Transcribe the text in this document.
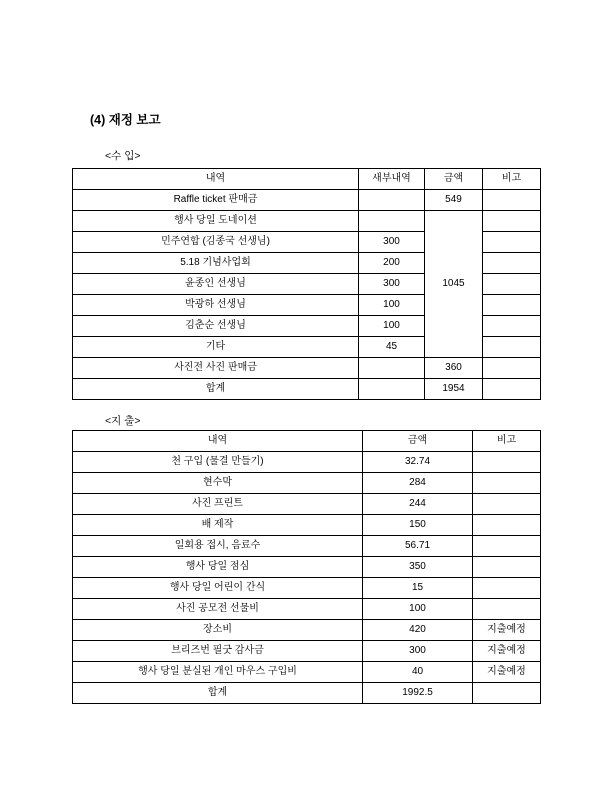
(4) 재정 보고
<수 입>
내역	새부내역	금액	비고
Raffle ticket 판매금		549	
행사 당일 도네이션		1045	
민주연합 (김종국 선생님)	300		
5.18 기념사업회	200		
윤종인 선생님	300		
박광하 선생님	100		
김춘순 선생님	100		
기타	45		
사진전 사진 판매금		360	
합계		1954	
<지 출>
내역	금액	비고
천 구입 (물결 만들기)	32.74	
현수막	284	
사진 프린트	244	
배 제작	150	
일회용 접시, 음료수	56.71	
행사 당일 점심	350	
행사 당일 어린이 간식	15	
사진 공모전 선물비	100	
장소비	420	지출예정
브리즈번 필굿 감사금	300	지출예정
행사 당일 분실된 개인 마우스 구입비	40	지출예정
합계	1992.5	
